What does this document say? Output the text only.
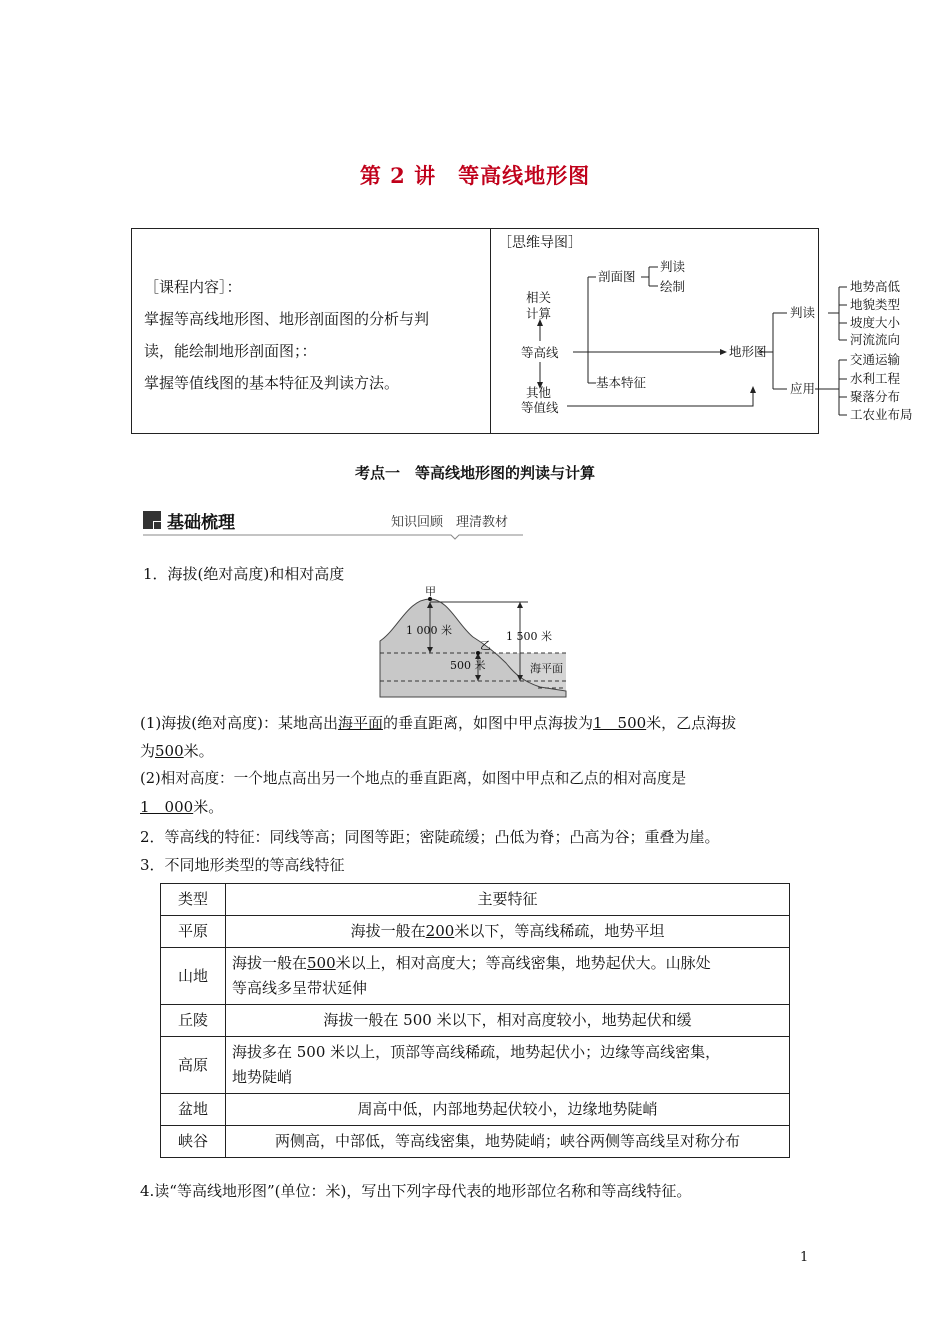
第 2 讲　等高线地形图
［课程内容］：
掌握等高线地形图、地形剖面图的分析与判
读，能绘制地形剖面图；：
掌握等值线图的基本特征及判读方法。
［思维导图］
相关
计算
等高线
其他
等值线
剖面图
判读
绘制
地形图
基本特征
判读
应用
地势高低
地貌类型
坡度大小
河流流向
交通运输
水利工程
聚落分布
工农业布局
考点一　等高线地形图的判读与计算
基础梳理	知识回顾　理清教材
1．海拔(绝对高度)和相对高度
甲
乙
1 000 米	1 500 米
500 米	海平面
(1)海拔(绝对高度)：某地高出海平面的垂直距离，如图中甲点海拔为1　500米，乙点海拔
为500米。
(2)相对高度：一个地点高出另一个地点的垂直距离，如图中甲点和乙点的相对高度是
1　000米。
2．等高线的特征：同线等高；同图等距；密陡疏缓；凸低为脊；凸高为谷；重叠为崖。
3．不同地形类型的等高线特征
类型	主要特征
平原	海拔一般在200米以下，等高线稀疏，地势平坦
山地	海拔一般在500米以上，相对高度大；等高线密集，地势起伏大。山脉处
等高线多呈带状延伸
丘陵	海拔一般在 500 米以下，相对高度较小，地势起伏和缓
高原	海拔多在 500 米以上，顶部等高线稀疏，地势起伏小；边缘等高线密集，
地势陡峭
盆地	周高中低，内部地势起伏较小，边缘地势陡峭
峡谷	两侧高，中部低，等高线密集，地势陡峭；峡谷两侧等高线呈对称分布
4.读“等高线地形图”(单位：米)，写出下列字母代表的地形部位名称和等高线特征。
1
